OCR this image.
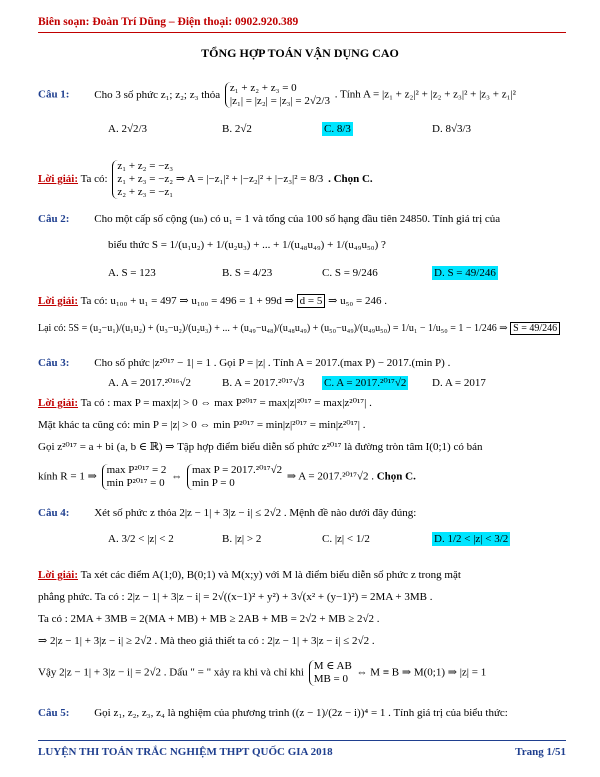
Biên soạn: Đoàn Trí Dũng – Điện thoại: 0902.920.389
TỔNG HỢP TOÁN VẬN DỤNG CAO
Câu 1: Cho 3 số phức z₁; z₂; z₃ thỏa
z₁ + z₂ + z₃ = 0
|z₁| = |z₂| = |z₃| = 2√2/3
. Tính A = |z₁ + z₂|² + |z₂ + z₃|² + |z₃ + z₁|²
A. 2√2/3	B. 2√2	C. 8/3	D. 8√3/3
Lời giải: Ta có:
z₁ + z₂ = −z₃
z₁ + z₃ = −z₂ ⇒ A = |−z₁|² + |−z₂|² + |−z₃|² = 8/3
z₂ + z₃ = −z₁
. Chọn C.
Câu 2: Cho một cấp số cộng (uₙ) có u₁ = 1 và tổng của 100 số hạng đầu tiên 24850. Tính giá trị của
biểu thức S = 1/(u₁u₂) + 1/(u₂u₃) + ... + 1/(u₄₈u₄₉) + 1/(u₄₉u₅₀) ?
A. S = 123	B. S = 4/23	C. S = 9/246	D. S = 49/246
Lời giải: Ta có: u₁₀₀ + u₁ = 497 ⇒ u₁₀₀ = 496 = 1 + 99d ⇒ d = 5 ⇒ u₅₀ = 246 .
Lại có: 5S = (u₂−u₁)/(u₁u₂) + (u₃−u₂)/(u₂u₃) + ... + (u₄₉−u₄₈)/(u₄₈u₄₉) + (u₅₀−u₄₉)/(u₄₉u₅₀) = 1/u₁ − 1/u₅₀ = 1 − 1/246 ⇒ S = 49/246
Câu 3: Cho số phức |z²⁰¹⁷ − 1| = 1 . Gọi P = |z| . Tính A = 2017.(max P) − 2017.(min P) .
A. A = 2017.²⁰¹⁶√2	B. A = 2017.²⁰¹⁷√3 C. A = 2017.²⁰¹⁷√2 D. A = 2017
Lời giải: Ta có : max P = max|z| > 0 ⇔ max P²⁰¹⁷ = max|z|²⁰¹⁷ = max|z²⁰¹⁷| .
Mặt khác ta cũng có: min P = |z| > 0 ⇔ min P²⁰¹⁷ = min|z|²⁰¹⁷ = min|z²⁰¹⁷| .
Gọi z²⁰¹⁷ = a + bi (a, b ∈ ℝ) ⇒ Tập hợp điểm biểu diễn số phức z²⁰¹⁷ là đường tròn tâm I(0;1) có bán
kính R = 1 ⇒
max P²⁰¹⁷ = 2
min P²⁰¹⁷ = 0
⇔
max P = 2017.²⁰¹⁷√2
min P = 0
⇒ A = 2017.²⁰¹⁷√2 . Chọn C.
Câu 4: Xét số phức z thỏa 2|z − 1| + 3|z − i| ≤ 2√2 . Mệnh đề nào dưới đây đúng:
A. 3/2 < |z| < 2	B. |z| > 2	C. |z| < 1/2	D. 1/2 < |z| < 3/2
Lời giải: Ta xét các điểm A(1;0), B(0;1) và M(x;y) với M là điểm biểu diễn số phức z trong mặt
phẳng phức. Ta có : 2|z − 1| + 3|z − i| = 2√((x−1)² + y²) + 3√(x² + (y−1)²) = 2MA + 3MB .
Ta có : 2MA + 3MB = 2(MA + MB) + MB ≥ 2AB + MB = 2√2 + MB ≥ 2√2 .
⇒ 2|z − 1| + 3|z − i| ≥ 2√2 . Mà theo giả thiết ta có : 2|z − 1| + 3|z − i| ≤ 2√2 .
Vậy 2|z − 1| + 3|z − i| = 2√2 . Dấu " = " xảy ra khi và chỉ khi
M ∈ AB
MB = 0
⇔ M ≡ B ⇒ M(0;1) ⇒ |z| = 1
Câu 5: Gọi z₁, z₂, z₃, z₄ là nghiệm của phương trình ((z − 1)/(2z − i))⁴ = 1 . Tính giá trị của biểu thức:
LUYỆN THI TOÁN TRẮC NGHIỆM THPT QUỐC GIA 2018	Trang 1/51
